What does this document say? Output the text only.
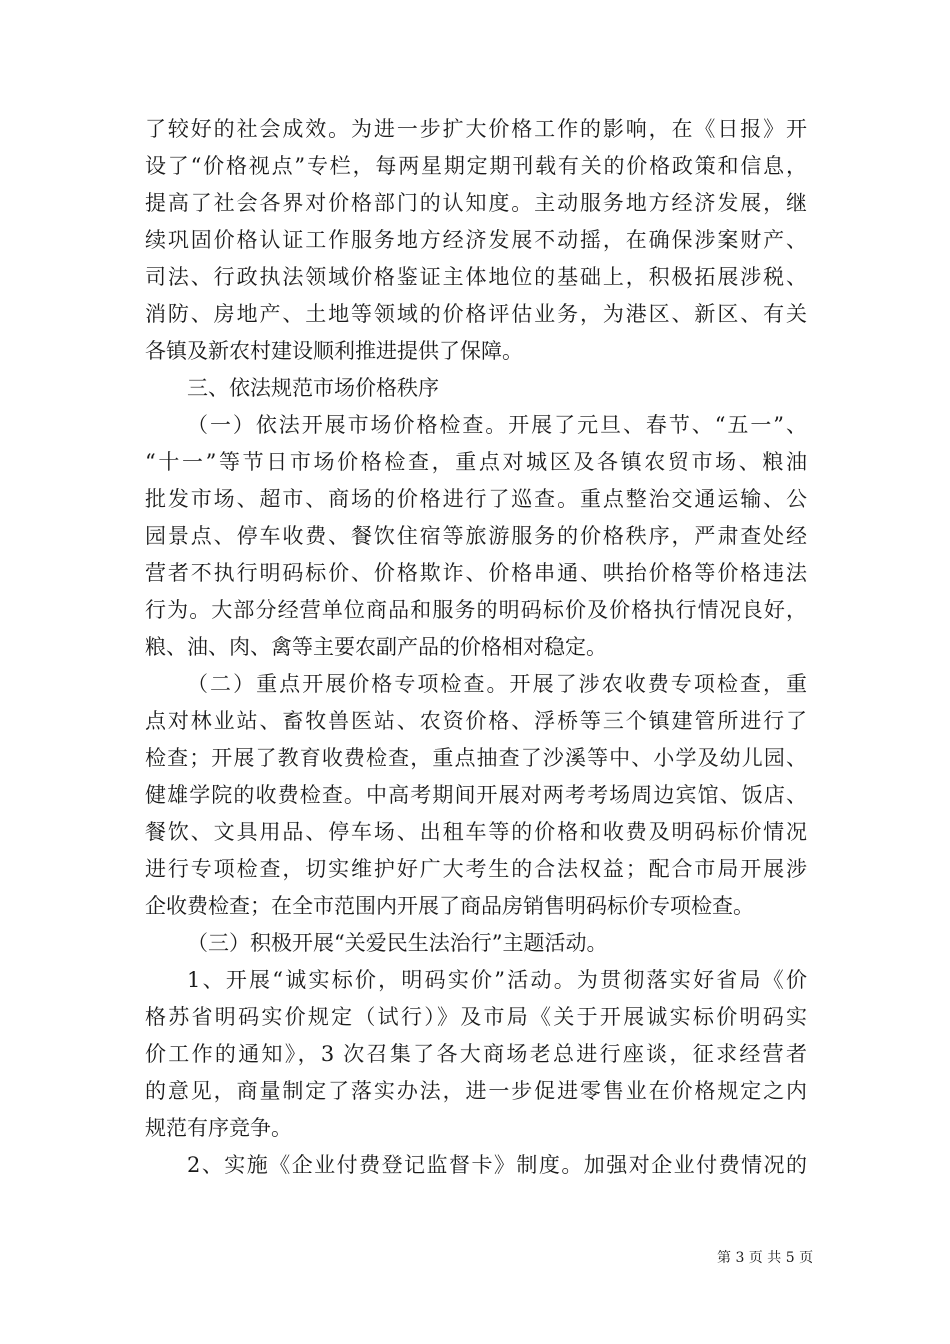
了较好的社会成效。为进一步扩大价格工作的影响，在《日报》开
设了“价格视点”专栏，每两星期定期刊载有关的价格政策和信息，
提高了社会各界对价格部门的认知度。主动服务地方经济发展，继
续巩固价格认证工作服务地方经济发展不动摇，在确保涉案财产、
司法、行政执法领域价格鉴证主体地位的基础上，积极拓展涉税、
消防、房地产、土地等领域的价格评估业务，为港区、新区、有关
各镇及新农村建设顺利推进提供了保障。
三、依法规范市场价格秩序
（一）依法开展市场价格检查。开展了元旦、春节、“五一”、
“十一”等节日市场价格检查，重点对城区及各镇农贸市场、粮油
批发市场、超市、商场的价格进行了巡查。重点整治交通运输、公
园景点、停车收费、餐饮住宿等旅游服务的价格秩序，严肃查处经
营者不执行明码标价、价格欺诈、价格串通、哄抬价格等价格违法
行为。大部分经营单位商品和服务的明码标价及价格执行情况良好，
粮、油、肉、禽等主要农副产品的价格相对稳定。
（二）重点开展价格专项检查。开展了涉农收费专项检查，重
点对林业站、畜牧兽医站、农资价格、浮桥等三个镇建管所进行了
检查；开展了教育收费检查，重点抽查了沙溪等中、小学及幼儿园、
健雄学院的收费检查。中高考期间开展对两考考场周边宾馆、饭店、
餐饮、文具用品、停车场、出租车等的价格和收费及明码标价情况
进行专项检查，切实维护好广大考生的合法权益；配合市局开展涉
企收费检查；在全市范围内开展了商品房销售明码标价专项检查。
（三）积极开展“关爱民生法治行”主题活动。
1、开展“诚实标价，明码实价”活动。为贯彻落实好省局《价
格苏省明码实价规定（试行）》及市局《关于开展诚实标价明码实
价工作的通知》，3 次召集了各大商场老总进行座谈，征求经营者
的意见，商量制定了落实办法，进一步促进零售业在价格规定之内
规范有序竞争。
2、实施《企业付费登记监督卡》制度。加强对企业付费情况的
第 3 页 共 5 页
